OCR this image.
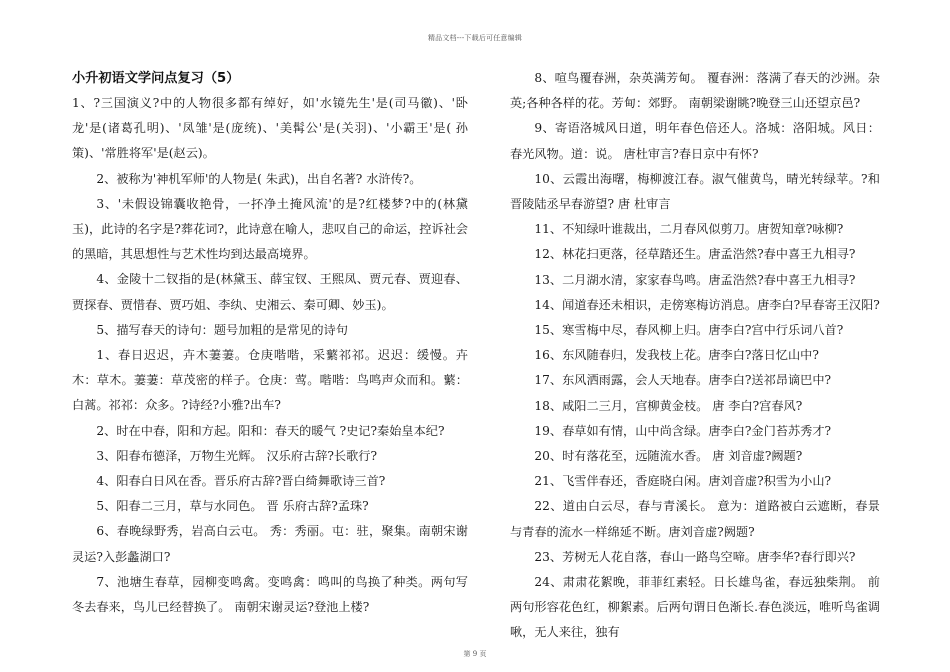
精品文档---下载后可任意编辑
小升初语文学问点复习（5）

1、?三国演义?中的人物很多都有绰好，如'水镜先生'是(司马徽)、'卧龙'是(诸葛孔明)、'凤雏'是(庞统)、'美髯公'是(关羽)、'小霸王'是( 孙策)、'常胜将军'是(赵云)。

2、被称为'神机军师'的人物是( 朱武)，出自名著? 水浒传?。

3、'未假设锦囊收艳骨，一抔净土掩风流'的是?红楼梦?中的(林黛玉)，此诗的名字是?葬花词?，此诗意在喻人，悲叹自己的命运，控诉社会的黑暗，其思想性与艺术性均到达最高境界。

4、金陵十二钗指的是(林黛玉、薛宝钗、王熙凤、贾元春、贾迎春、贾探春、贾惜春、贾巧姐、李纨、史湘云、秦可卿、妙玉)。

5、描写春天的诗句：题号加粗的是常见的诗句

1、春日迟迟，卉木萋萋。仓庚喈喈，采蘩祁祁。迟迟：缓慢。卉木：草木。萋萋：草茂密的样子。仓庚：莺。喈喈：鸟鸣声众而和。蘩：白蒿。祁祁：众多。?诗经?小雅?出车?

2、时在中春，阳和方起。阳和：春天的暖气 ?史记?秦始皇本纪?

3、阳春布德泽，万物生光辉。 汉乐府古辞?长歌行?

4、阳春白日风在香。晋乐府古辞?晋白绮舞歌诗三首?

5、阳春二三月，草与水同色。 晋 乐府古辞?孟珠?

6、春晚绿野秀，岩高白云屯。 秀：秀丽。屯：驻，聚集。南朝宋谢灵运?入彭蠡湖口?

7、池塘生春草，园柳变鸣禽。变鸣禽：鸣叫的鸟换了种类。两句写冬去春来，鸟儿已经替换了。 南朝宋谢灵运?登池上楼?

8、喧鸟覆春洲，杂英满芳甸。 覆春洲：落满了春天的沙洲。杂英;各种各样的花。芳甸：郊野。 南朝梁谢眺?晚登三山还望京邑?

9、寄语洛城风日道，明年春色倍还人。洛城：洛阳城。风日：春光风物。道：说。 唐杜审言?春日京中有怀?

10、云霞出海曙，梅柳渡江春。淑气催黄鸟，晴光转绿苹。?和晋陵陆丞早春游望? 唐 杜审言

11、不知绿叶谁裁出，二月春风似剪刀。唐贺知章?咏柳?

12、林花扫更落，径草踏还生。唐孟浩然?春中喜王九相寻?

13、二月湖水清，家家春鸟鸣。唐孟浩然?春中喜王九相寻?

14、闻道春还未相识，走傍寒梅访消息。唐李白?早春寄王汉阳?

15、寒雪梅中尽，春风柳上归。唐李白?宫中行乐词八首?

16、东风随春归，发我枝上花。唐李白?落日忆山中?

17、东风洒雨露，会人天地春。唐李白?送祁昂谪巴中?

18、咸阳二三月，宫柳黄金枝。 唐 李白?宫春风?

19、春草如有情，山中尚含绿。唐李白?金门苔苏秀才?

20、时有落花至，远随流水香。 唐 刘音虚?阙题?

21、飞雪伴春还，香庭晓白闲。唐刘音虚?积雪为小山?

22、道由白云尽，春与青溪长。 意为：道路被白云遮断，春景与青春的流水一样绵延不断。唐刘音虚?阙题?

23、芳树无人花自落，春山一路鸟空啼。唐李华?春行即兴?

24、肃肃花絮晚，菲菲红素轻。日长雄鸟雀，春远独柴荆。 前两句形容花色红，柳絮素。后两句谓日色渐长.春色淡远，唯听鸟雀调啾，无人来往，独有

第 9 页
